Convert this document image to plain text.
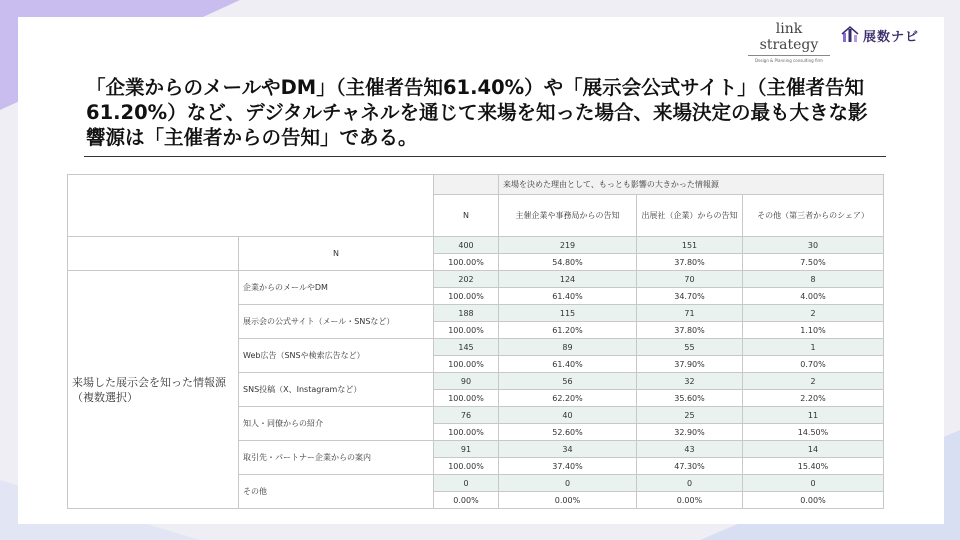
link strategy
Design & Planning consulting firm
展数ナビ

「企業からのメールやDM」（主催者告知61.40%）や「展示会公式サイト」（主催者告知61.20%）など、デジタルチャネルを通じて来場を知った場合、来場決定の最も大きな影響源は「主催者からの告知」である。

			来場を決めた理由として、もっとも影響の大きかった情報源		
		N	主催企業や事務局からの告知	出展社（企業）からの告知	その他（第三者からのシェア）
	N	400	219	151	30
		100.00%	54.80%	37.80%	7.50%
来場した展示会を知った情報源（複数選択）	企業からのメールやDM	202	124	70	8
		100.00%	61.40%	34.70%	4.00%
	展示会の公式サイト（メール・SNSなど）	188	115	71	2
		100.00%	61.20%	37.80%	1.10%
	Web広告（SNSや検索広告など）	145	89	55	1
		100.00%	61.40%	37.90%	0.70%
	SNS投稿（X、Instagramなど）	90	56	32	2
		100.00%	62.20%	35.60%	2.20%
	知人・同僚からの紹介	76	40	25	11
		100.00%	52.60%	32.90%	14.50%
	取引先・パートナー企業からの案内	91	34	43	14
		100.00%	37.40%	47.30%	15.40%
	その他	0	0	0	0
		0.00%	0.00%	0.00%	0.00%
